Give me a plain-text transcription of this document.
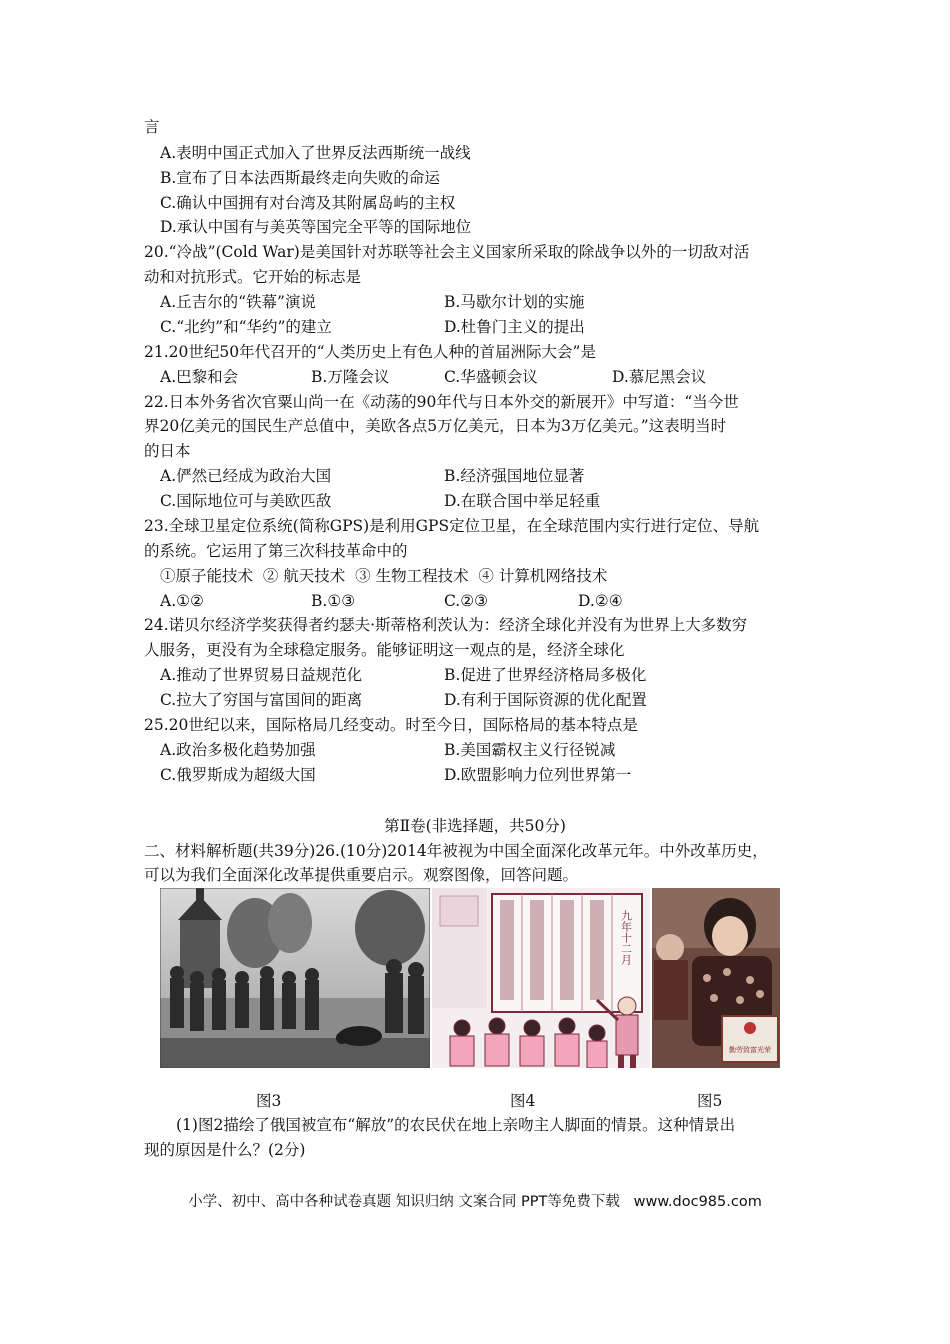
言
A.表明中国正式加入了世界反法西斯统一战线
B.宣布了日本法西斯最终走向失败的命运
C.确认中国拥有对台湾及其附属岛屿的主权
D.承认中国有与美英等国完全平等的国际地位
20.“冷战”(Cold War)是美国针对苏联等社会主义国家所采取的除战争以外的一切敌对活
动和对抗形式。它开始的标志是
A.丘吉尔的“铁幕”演说	B.马歇尔计划的实施
C.“北约”和“华约”的建立	D.杜鲁门主义的提出
21.20世纪50年代召开的“人类历史上有色人种的首届洲际大会”是
A.巴黎和会	B.万隆会议	C.华盛顿会议	D.慕尼黑会议
22.日本外务省次官粟山尚一在《动荡的90年代与日本外交的新展开》中写道：“当今世
界20亿美元的国民生产总值中，美欧各点5万亿美元，日本为3万亿美元。”这表明当时
的日本
A.俨然已经成为政治大国	B.经济强国地位显著
C.国际地位可与美欧匹敌	D.在联合国中举足轻重
23.全球卫星定位系统(简称GPS)是利用GPS定位卫星，在全球范围内实行进行定位、导航
的系统。它运用了第三次科技革命中的
①原子能技术  ② 航天技术  ③ 生物工程技术  ④ 计算机网络技术
A.①②	B.①③	C.②③	D.②④
24.诺贝尔经济学奖获得者约瑟夫·斯蒂格利茨认为：经济全球化并没有为世界上大多数穷
人服务，更没有为全球稳定服务。能够证明这一观点的是，经济全球化
A.推动了世界贸易日益规范化	B.促进了世界经济格局多极化
C.拉大了穷国与富国间的距离	D.有利于国际资源的优化配置
25.20世纪以来，国际格局几经变动。时至今日，国际格局的基本特点是
A.政治多极化趋势加强	B.美国霸权主义行径锐减
C.俄罗斯成为超级大国	D.欧盟影响力位列世界第一
第Ⅱ卷(非选择题，共50分)
二、材料解析题(共39分)26.(10分)2014年被视为中国全面深化改革元年。中外改革历史，
可以为我们全面深化改革提供重要启示。观察图像，回答问题。
九年十二月
勤劳致富光荣
图3	图4	图5
(1)图2描绘了俄国被宣布“解放”的农民伏在地上亲吻主人脚面的情景。这种情景出
现的原因是什么？(2分)
小学、初中、高中各种试卷真题 知识归纳 文案合同 PPT等免费下载   www.doc985.com
